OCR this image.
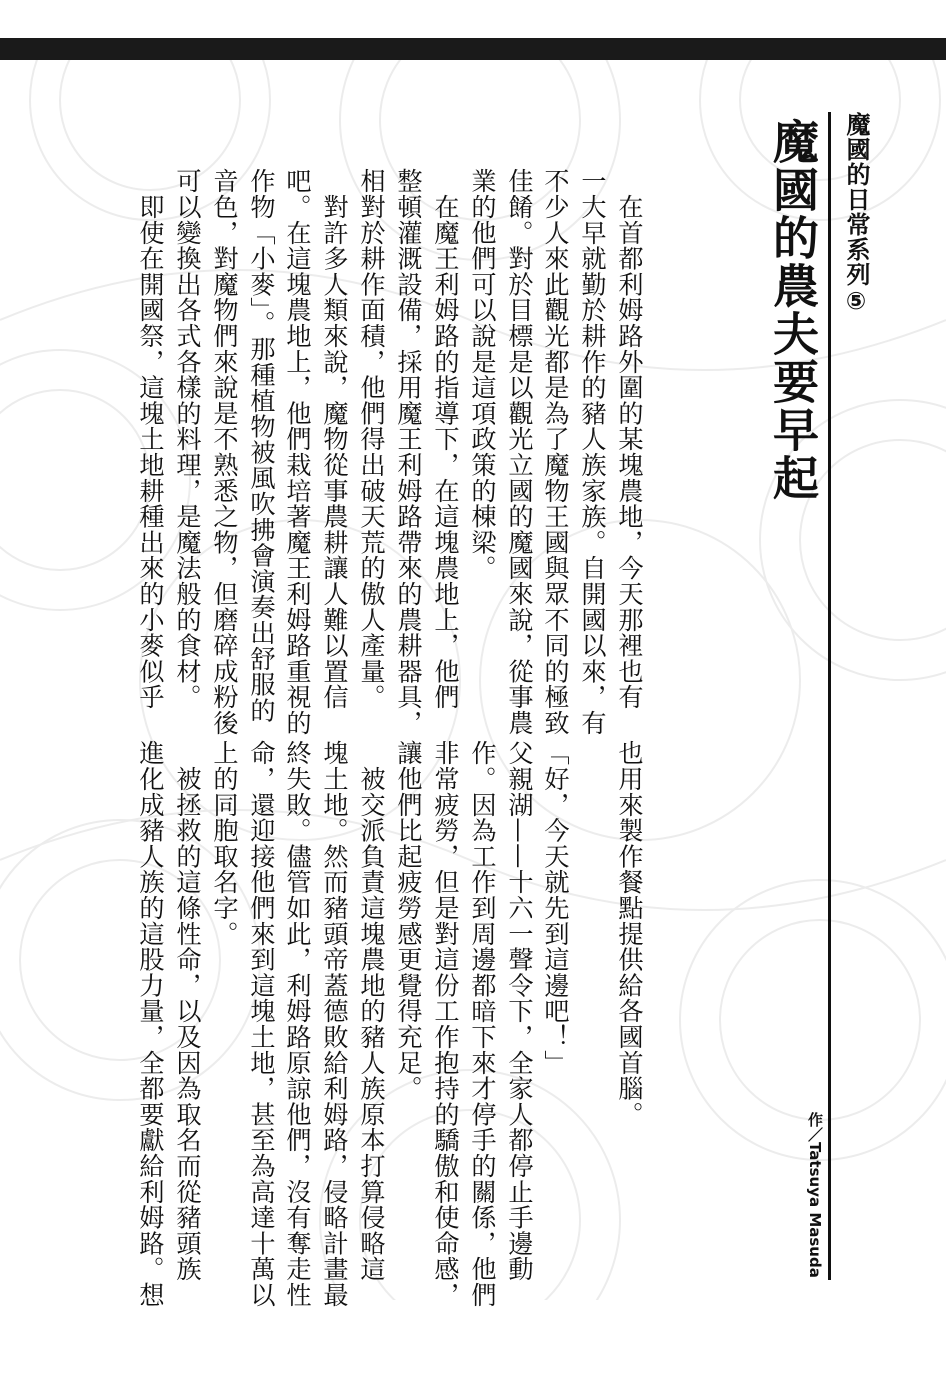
魔國的日常系列⑤
魔國的農夫要早起
作／Tatsuya Masuda
　在首都利姆路外圍的某塊農地，今天那裡也有
一大早就勤於耕作的豬人族家族。自開國以來，有
不少人來此觀光都是為了魔物王國與眾不同的極致
佳餚。對於目標是以觀光立國的魔國來說，從事農
業的他們可以說是這項政策的棟梁。
　在魔王利姆路的指導下，在這塊農地上，他們
整頓灌溉設備，採用魔王利姆路帶來的農耕器具，
相對於耕作面積，他們得出破天荒的傲人產量。
　對許多人類來說，魔物從事農耕讓人難以置信
吧。在這塊農地上，他們栽培著魔王利姆路重視的
作物「小麥」。那種植物被風吹拂會演奏出舒服的
音色，對魔物們來說是不熟悉之物，但磨碎成粉後
可以變換出各式各樣的料理，是魔法般的食材。
　即使在開國祭，這塊土地耕種出來的小麥似乎
也用來製作餐點提供給各國首腦。
「好，今天就先到這邊吧！」
父親湖——十六一聲令下，全家人都停止手邊動
作。因為工作到周邊都暗下來才停手的關係，他們
非常疲勞，但是對這份工作抱持的驕傲和使命感，
讓他們比起疲勞感更覺得充足。
　被交派負責這塊農地的豬人族原本打算侵略這
塊土地。然而豬頭帝蓋德敗給利姆路，侵略計畫最
終失敗。儘管如此，利姆路原諒他們，沒有奪走性
命，還迎接他們來到這塊土地，甚至為高達十萬以
上的同胞取名字。
　被拯救的這條性命，以及因為取名而從豬頭族
進化成豬人族的這股力量，全都要獻給利姆路。想
